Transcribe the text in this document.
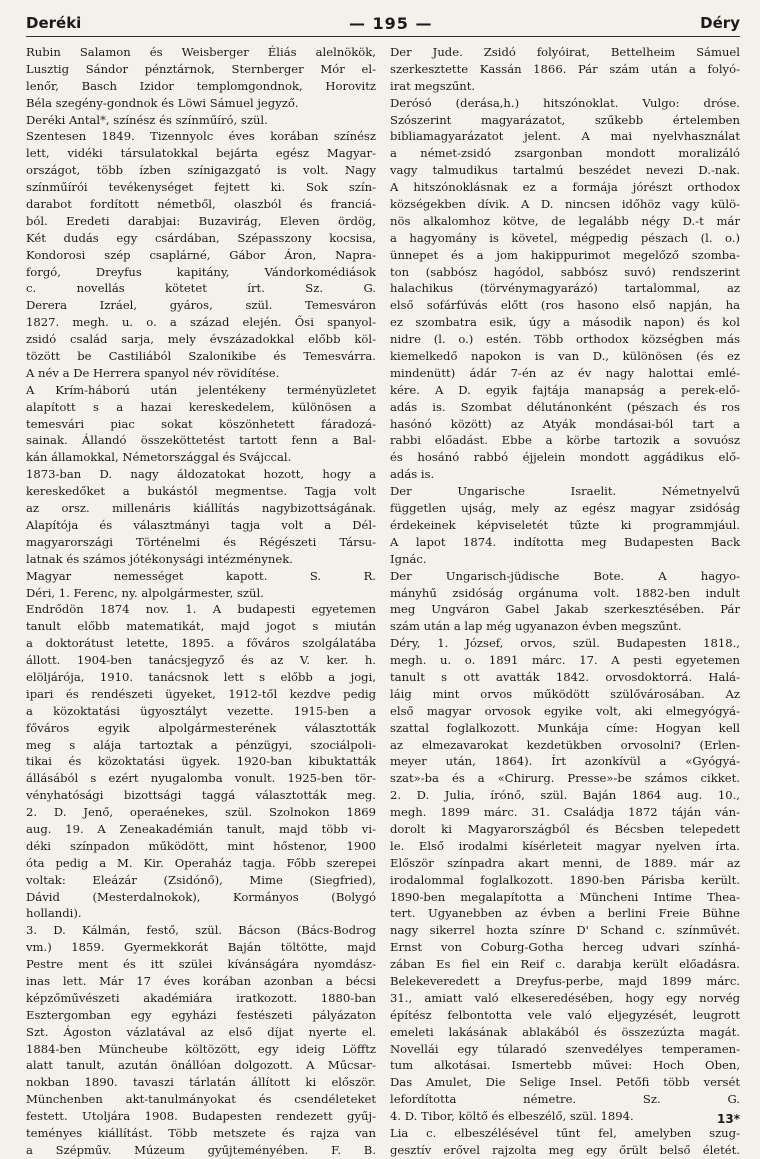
Deréki	— 195 —	Déry
Rubin Salamon és Weisberger Éliás alelnökök,
Lusztig Sándor pénztárnok, Sternberger Mór el-
lenőr, Basch Izidor templomgondnok, Horovitz
Béla szegény-gondnok és Löwi Sámuel jegyző.
Deréki Antal*, színész és színműíró, szül.
Szentesen 1849. Tizennyolc éves korában színész
lett, vidéki társulatokkal bejárta egész Magyar-
országot, több ízben színigazgató is volt. Nagy
színműírói tevékenységet fejtett ki. Sok szín-
darabot fordított németből, olaszból és franciá-
ból. Eredeti darabjai: Buzavirág, Eleven ördög,
Két dudás egy csárdában, Szépasszony kocsisa,
Kondorosi szép csaplárné, Gábor Áron, Napra-
forgó, Dreyfus kapitány, Vándorkomédiások
c. novellás kötetet írt. Sz. G.
Derera Izráel, gyáros, szül. Temesváron
1827. megh. u. o. a század elején. Ősi spanyol-
zsidó család sarja, mely évszázadokkal előbb köl-
tözött be Castiliából Szalonikibe és Temesvárra.
A név a De Herrera spanyol név rövidítése.
A Krím-háború után jelentékeny terményüzletet
alapított s a hazai kereskedelem, különösen a
temesvári piac sokat köszönhetett fáradozá-
sainak. Állandó összeköttetést tartott fenn a Bal-
kán államokkal, Németországgal és Svájccal.
1873-ban D. nagy áldozatokat hozott, hogy a
kereskedőket a bukástól megmentse. Tagja volt
az orsz. millenáris kiállítás nagybizottságának.
Alapítója és választmányi tagja volt a Dél-
magyarországi Történelmi és Régészeti Társu-
latnak és számos jótékonysági intézménynek.
Magyar nemességet kapott. S. R.
Déri, 1. Ferenc, ny. alpolgármester, szül.
Endrődön 1874 nov. 1. A budapesti egyetemen
tanult előbb matematikát, majd jogot s miután
a doktorátust letette, 1895. a főváros szolgálatába
állott. 1904-ben tanácsjegyző és az V. ker. h.
elöljárója, 1910. tanácsnok lett s előbb a jogi,
ipari és rendészeti ügyeket, 1912-től kezdve pedig
a közoktatási ügyosztályt vezette. 1915-ben a
főváros egyik alpolgármesterének választották
meg s alája tartoztak a pénzügyi, szociálpoli-
tikai és közoktatási ügyek. 1920-ban kibuktatták
állásából s ezért nyugalomba vonult. 1925-ben tör-
vényhatósági bizottsági taggá választották meg.
2. D. Jenő, operaénekes, szül. Szolnokon 1869
aug. 19. A Zeneakadémián tanult, majd több vi-
déki színpadon működött, mint hőstenor, 1900
óta pedig a M. Kir. Operaház tagja. Főbb szerepei
voltak: Eleázár (Zsidónő), Mime (Siegfried),
Dávid (Mesterdalnokok), Kormányos (Bolygó
hollandi).
3. D. Kálmán, festő, szül. Bácson (Bács-Bodrog
vm.) 1859. Gyermekkorát Baján töltötte, majd
Pestre ment és itt szülei kívánságára nyomdász-
inas lett. Már 17 éves korában azonban a bécsi
képzőművészeti akadémiára iratkozott. 1880-ban
Esztergomban egy egyházi festészeti pályázaton
Szt. Ágoston vázlatával az első díjat nyerte el.
1884-ben Müncheube költözött, egy ideig Löfftz
alatt tanult, azután önállóan dolgozott. A Műcsar-
nokban 1890. tavaszi tárlatán állított ki először.
Münchenben akt-tanulmányokat és csendéleteket
festett. Utoljára 1908. Budapesten rendezett gyűj-
teményes kiállítást. Több metszete és rajza van
a Szépműv. Múzeum gyűjteményében. F. B.
Der Jude. Zsidó folyóirat, Bettelheim Sámuel
szerkesztette Kassán 1866. Pár szám után a folyó-
irat megszűnt.
Derósó (derása,h.) hitszónoklat. Vulgo: dróse.
Szószerint magyarázatot, szűkebb értelemben
bibliamagyarázatot jelent. A mai nyelvhasználat
a német-zsidó zsargonban mondott moralizáló
vagy talmudikus tartalmú beszédet nevezi D.-nak.
A hitszónoklásnak ez a formája jórészt orthodox
községekben dívik. A D. nincsen időhöz vagy külö-
nös alkalomhoz kötve, de legalább négy D.-t már
a hagyomány is követel, mégpedig pészach (l. o.)
ünnepet és a jom hakippurimot megelőző szomba-
ton (sabbósz hagódol, sabbósz suvó) rendszerint
halachikus (törvénymagyarázó) tartalommal, az
első sofárfúvás előtt (ros hasono első napján, ha
ez szombatra esik, úgy a második napon) és kol
nidre (l. o.) estén. Több orthodox községben más
kiemelkedő napokon is van D., különösen (és ez
mindenütt) ádár 7-én az év nagy halottai emlé-
kére. A D. egyik fajtája manapság a perek-elő-
adás is. Szombat délutánonként (pészach és ros
hasónó között) az Atyák mondásai-ból tart a
rabbi előadást. Ebbe a körbe tartozik a sovuósz
és hosánó rabbó éjjelein mondott aggádikus elő-
adás is.
Der Ungarische Israelit. Németnyelvű
független ujság, mely az egész magyar zsidóság
érdekeinek képviseletét tűzte ki programmjául.
A lapot 1874. indította meg Budapesten Back
Ignác.
Der Ungarisch-jüdische Bote. A hagyo-
mányhű zsidóság orgánuma volt. 1882-ben indult
meg Ungváron Gabel Jakab szerkesztésében. Pár
szám után a lap még ugyanazon évben megszűnt.
Déry, 1. József, orvos, szül. Budapesten 1818.,
megh. u. o. 1891 márc. 17. A pesti egyetemen
tanult s ott avatták 1842. orvosdoktorrá. Halá-
láig mint orvos működött szülővárosában. Az
első magyar orvosok egyike volt, aki elmegyógyá-
szattal foglalkozott. Munkája címe: Hogyan kell
az elmezavarokat kezdetükben orvosolni? (Erlen-
meyer után, 1864). Írt azonkívül a «Gyógyá-
szat»-ba és a «Chirurg. Presse»-be számos cikket.
2. D. Julia, írónő, szül. Baján 1864 aug. 10.,
megh. 1899 márc. 31. Családja 1872 táján ván-
dorolt ki Magyarországból és Bécsben telepedett
le. Első irodalmi kísérleteit magyar nyelven írta.
Először színpadra akart menni, de 1889. már az
irodalommal foglalkozott. 1890-ben Párisba került.
1890-ben megalapította a Müncheni Intime Thea-
tert. Ugyanebben az évben a berlini Freie Bühne
nagy sikerrel hozta színre D' Schand c. színművét.
Ernst von Coburg-Gotha herceg udvari színhá-
zában Es fiel ein Reif c. darabja került előadásra.
Belekeveredett a Dreyfus-perbe, majd 1899 márc.
31., amiatt való elkeseredésében, hogy egy norvég
építész felbontotta vele való eljegyzését, leugrott
emeleti lakásának ablakából és összezúzta magát.
Novellái egy túlaradó szenvedélyes temperamen-
tum alkotásai. Ismertebb művei: Hoch Oben,
Das Amulet, Die Selige Insel. Petőfi több versét
lefordította németre. Sz. G.
4. D. Tibor, költő és elbeszélő, szül. 1894.
Lia c. elbeszélésével tűnt fel, amelyben szug-
gesztív erővel rajzolta meg egy őrült belső életét.
13*
